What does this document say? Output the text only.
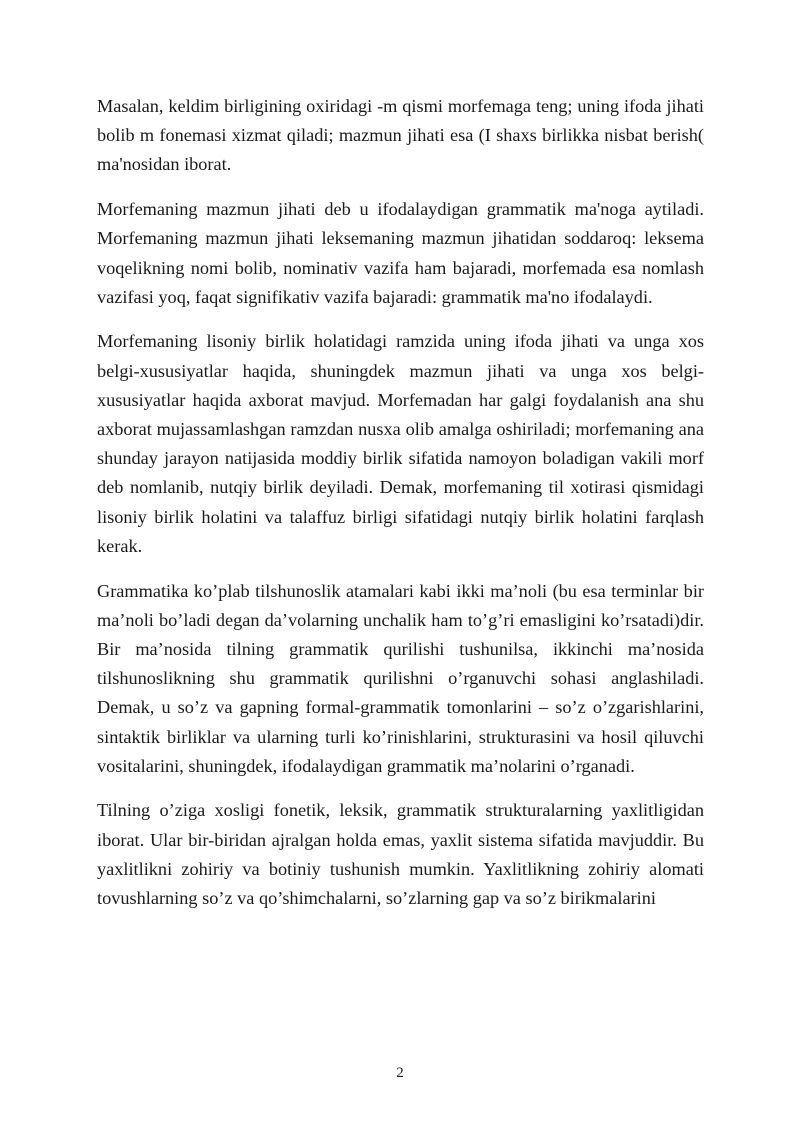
Masalan, keldim birligining oxiridagi -m qismi morfemaga teng; uning ifoda jihati bolib m fonemasi xizmat qiladi; mazmun jihati esa (I shaxs birlikka nisbat berish( ma'nosidan iborat.

Morfemaning mazmun jihati deb u ifodalaydigan grammatik ma'noga aytiladi. Morfemaning mazmun jihati leksemaning mazmun jihatidan soddaroq: leksema voqelikning nomi bolib, nominativ vazifa ham bajaradi, morfemada esa nomlash vazifasi yoq, faqat signifikativ vazifa bajaradi: grammatik ma'no ifodalaydi.

Morfemaning lisoniy birlik holatidagi ramzida uning ifoda jihati va unga xos belgi-xususiyatlar haqida, shuningdek mazmun jihati va unga xos belgi-xususiyatlar haqida axborat mavjud. Morfemadan har galgi foydalanish ana shu axborat mujassamlashgan ramzdan nusxa olib amalga oshiriladi; morfemaning ana shunday jarayon natijasida moddiy birlik sifatida namoyon boladigan vakili morf deb nomlanib, nutqiy birlik deyiladi. Demak, morfemaning til xotirasi qismidagi lisoniy birlik holatini va talaffuz birligi sifatidagi nutqiy birlik holatini farqlash kerak.

Grammatika ko’plab tilshunoslik atamalari kabi ikki ma’noli (bu esa terminlar bir ma’noli bo’ladi degan da’volarning unchalik ham to’g’ri emasligini ko’rsatadi)dir. Bir ma’nosida tilning grammatik qurilishi tushunilsa, ikkinchi ma’nosida tilshunoslikning shu grammatik qurilishni o’rganuvchi sohasi anglashiladi. Demak, u so’z va gapning formal-grammatik tomonlarini – so’z o’zgarishlarini, sintaktik birliklar va ularning turli ko’rinishlarini, strukturasini va hosil qiluvchi vositalarini, shuningdek, ifodalaydigan grammatik ma’nolarini o’rganadi.

Tilning o’ziga xosligi fonetik, leksik, grammatik strukturalarning yaxlitligidan iborat. Ular bir-biridan ajralgan holda emas, yaxlit sistema sifatida mavjuddir. Bu yaxlitlikni zohiriy va botiniy tushunish mumkin. Yaxlitlikning zohiriy alomati tovushlarning so’z va qo’shimchalarni, so’zlarning gap va so’z birikmalarini

2
